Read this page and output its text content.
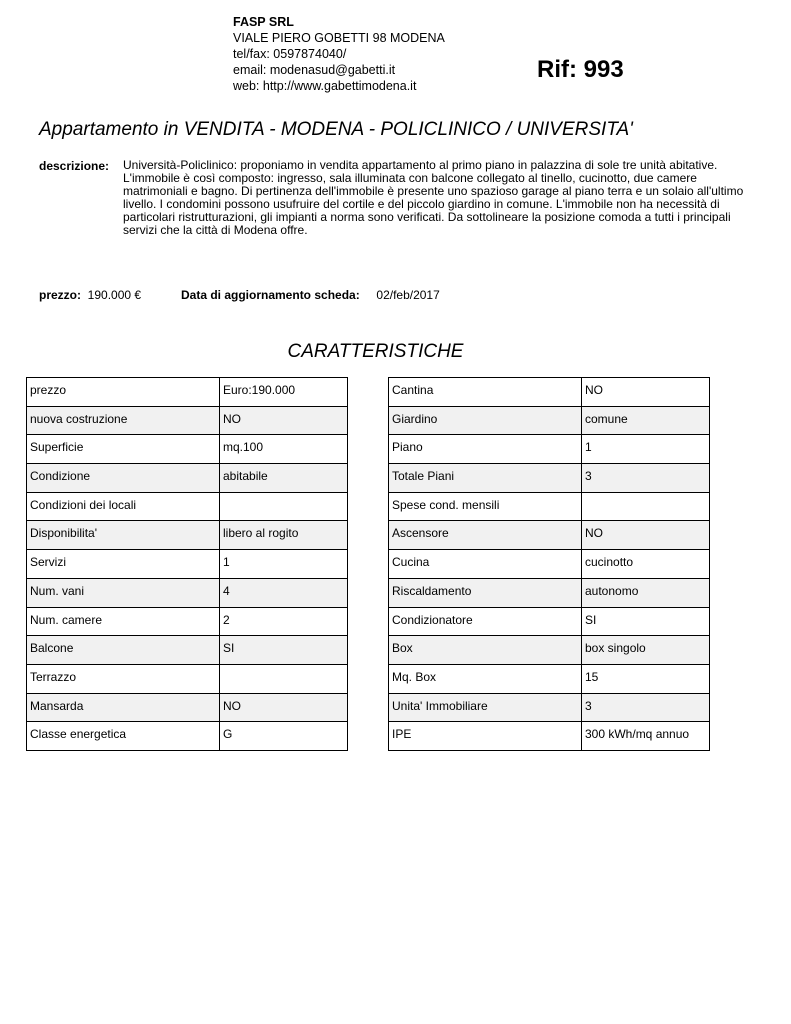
FASP SRL
VIALE PIERO GOBETTI 98 MODENA
tel/fax: 0597874040/
email: modenasud@gabetti.it
web: http://www.gabettimodena.it
Rif: 993
Appartamento in VENDITA - MODENA - POLICLINICO / UNIVERSITA'
descrizione: Università-Policlinico: proponiamo in vendita appartamento al primo piano in palazzina di sole tre unità abitative. L'immobile è così composto: ingresso, sala illuminata con balcone collegato al tinello, cucinotto, due camere matrimoniali e bagno. Di pertinenza dell'immobile è presente uno spazioso garage al piano terra e un solaio all'ultimo livello. I condomini possono usufruire del cortile e del piccolo giardino in comune. L'immobile non ha necessità di particolari ristrutturazioni, gli impianti a norma sono verificati. Da sottolineare la posizione comoda a tutti i principali servizi che la città di Modena offre.
prezzo: 190.000 €	Data di aggiornamento scheda: 02/feb/2017
CARATTERISTICHE
prezzo	Euro:190.000
nuova costruzione	NO
Superficie	mq.100
Condizione	abitabile
Condizioni dei locali	
Disponibilita'	libero al rogito
Servizi	1
Num. vani	4
Num. camere	2
Balcone	SI
Terrazzo	
Mansarda	NO
Classe energetica	G
Cantina	NO
Giardino	comune
Piano	1
Totale Piani	3
Spese cond. mensili	
Ascensore	NO
Cucina	cucinotto
Riscaldamento	autonomo
Condizionatore	SI
Box	box singolo
Mq. Box	15
Unita' Immobiliare	3
IPE	300 kWh/mq annuo
